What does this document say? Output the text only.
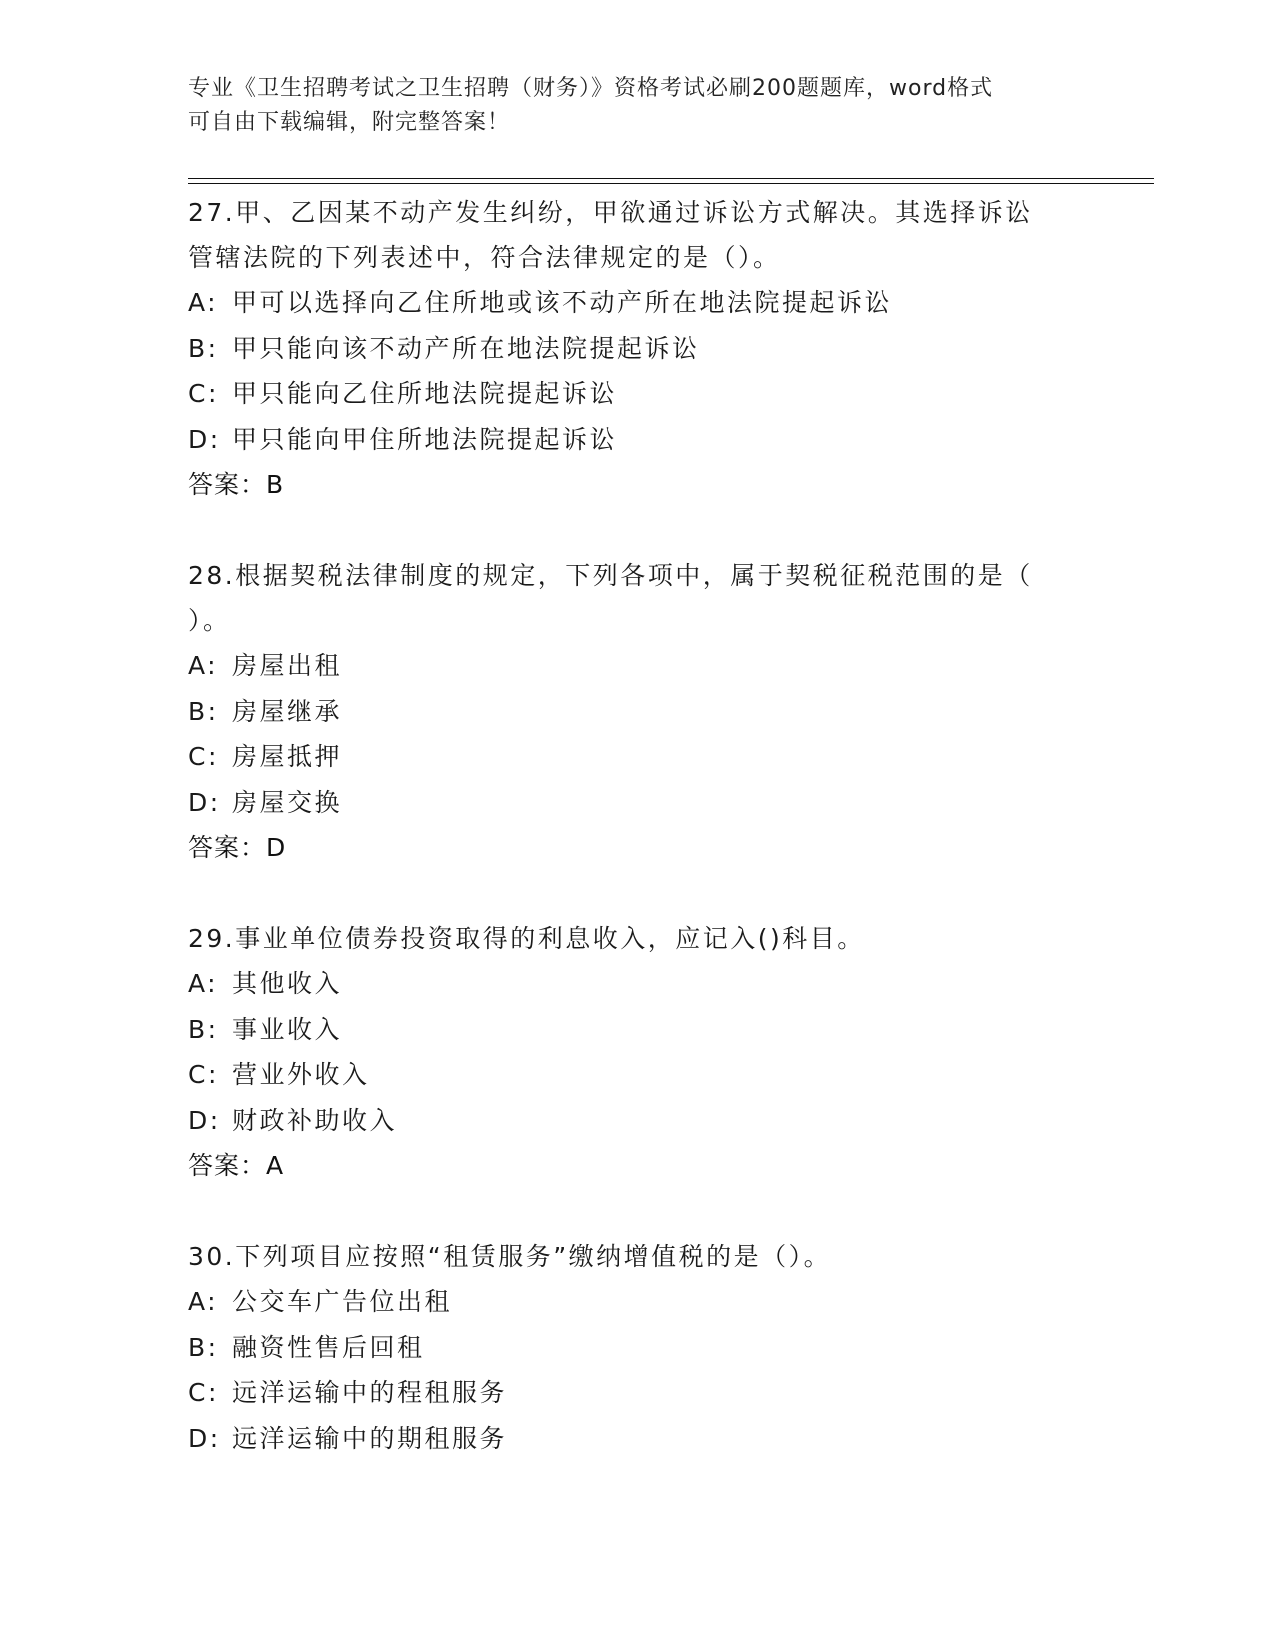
专业《卫生招聘考试之卫生招聘（财务）》资格考试必刷200题题库，word格式
可自由下载编辑，附完整答案！
27.甲、乙因某不动产发生纠纷，甲欲通过诉讼方式解决。其选择诉讼
管辖法院的下列表述中，符合法律规定的是（）。
A: 甲可以选择向乙住所地或该不动产所在地法院提起诉讼
B: 甲只能向该不动产所在地法院提起诉讼
C: 甲只能向乙住所地法院提起诉讼
D: 甲只能向甲住所地法院提起诉讼
答案：B
28.根据契税法律制度的规定，下列各项中，属于契税征税范围的是（
）。
A: 房屋出租
B: 房屋继承
C: 房屋抵押
D: 房屋交换
答案：D
29.事业单位债券投资取得的利息收入，应记入()科目。
A: 其他收入
B: 事业收入
C: 营业外收入
D: 财政补助收入
答案：A
30.下列项目应按照“租赁服务”缴纳增值税的是（）。
A: 公交车广告位出租
B: 融资性售后回租
C: 远洋运输中的程租服务
D: 远洋运输中的期租服务
